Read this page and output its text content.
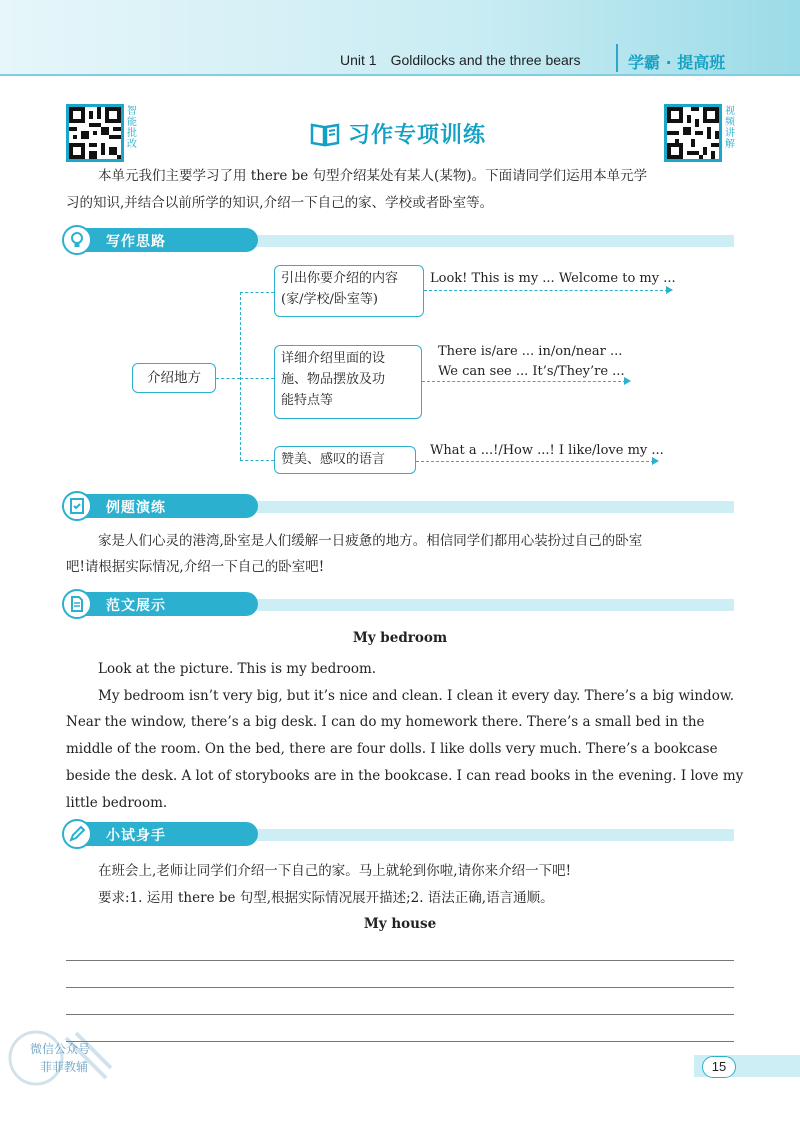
Unit 1 Goldilocks and the three bears	学霸 · 提高班
智能批改
视频讲解
习作专项训练
本单元我们主要学习了用 there be 句型介绍某处有某人(某物)。下面请同学们运用本单元学
习的知识,并结合以前所学的知识,介绍一下自己的家、学校或者卧室等。
写作思路
介绍地方
引出你要介绍的内容
(家/学校/卧室等)
Look! This is my ... Welcome to my ...
详细介绍里面的设
施、物品摆放及功
能特点等
There is/are ... in/on/near ...
We can see ... It’s/They’re ...
赞美、感叹的语言
What a ...!/How ...! I like/love my ...
例题演练
家是人们心灵的港湾,卧室是人们缓解一日疲惫的地方。相信同学们都用心装扮过自己的卧室
吧!请根据实际情况,介绍一下自己的卧室吧!
范文展示
My bedroom
Look at the picture. This is my bedroom.
My bedroom isn’t very big, but it’s nice and clean. I clean it every day. There’s a big window.
Near the window, there’s a big desk. I can do my homework there. There’s a small bed in the
middle of the room. On the bed, there are four dolls. I like dolls very much. There’s a bookcase
beside the desk. A lot of storybooks are in the bookcase. I can read books in the evening. I love my
little bedroom.
小试身手
在班会上,老师让同学们介绍一下自己的家。马上就轮到你啦,请你来介绍一下吧!
要求:1. 运用 there be 句型,根据实际情况展开描述;2. 语法正确,语言通顺。
My house
微信公众号
菲菲教辅	15
